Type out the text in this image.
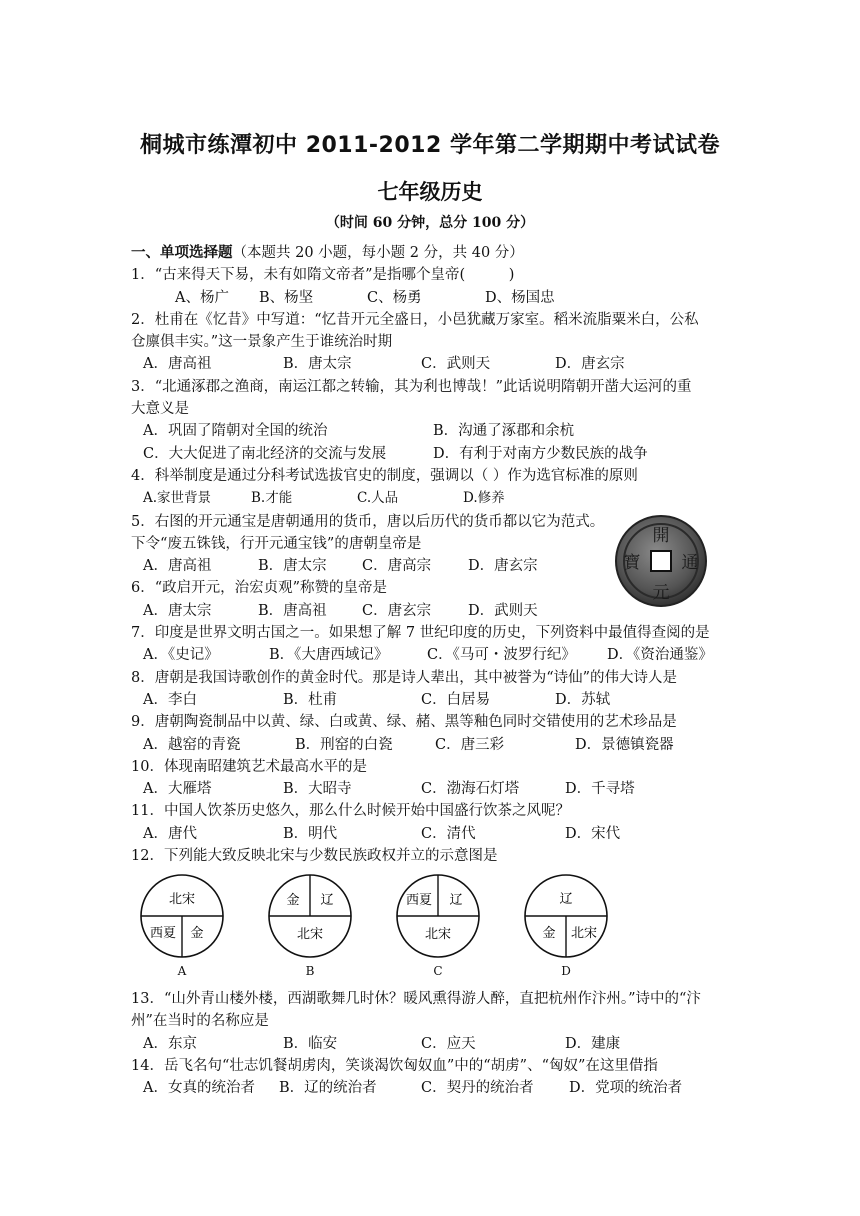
桐城市练潭初中 2011-2012 学年第二学期期中考试试卷
七年级历史
（时间 60 分钟，总分 100 分）
一、单项选择题（本题共 20 小题，每小题 2 分，共 40 分）
1．“古来得天下易，未有如隋文帝者”是指哪个皇帝(　　　)
A、杨广	B、杨坚	C、杨勇	D、杨国忠
2．杜甫在《忆昔》中写道：“忆昔开元全盛日，小邑犹藏万家室。稻米流脂粟米白，公私
仓廪俱丰实。”这一景象产生于谁统治时期
A．唐高祖	B．唐太宗	C．武则天	D．唐玄宗
3．“北通涿郡之渔商，南运江都之转输，其为利也博哉！”此话说明隋朝开凿大运河的重
大意义是
A．巩固了隋朝对全国的统治	B．沟通了涿郡和余杭
C．大大促进了南北经济的交流与发展	D．有利于对南方少数民族的战争
4．科举制度是通过分科考试选拔官史的制度，强调以（ ）作为选官标准的原则
A.家世背景	B.才能	C.人品	D.修养
5．右图的开元通宝是唐朝通用的货币，唐以后历代的货币都以它为范式。
下令“废五铢钱，行开元通宝钱”的唐朝皇帝是
A．唐高祖	B．唐太宗	C．唐高宗	D．唐玄宗
6．“政启开元，治宏贞观”称赞的皇帝是
A．唐太宗	B．唐高祖	C．唐玄宗	D．武则天
7．印度是世界文明古国之一。如果想了解 7 世纪印度的历史，下列资料中最值得查阅的是
A．《史记》	B．《大唐西域记》	C．《马可・波罗行纪》	D．《资治通鉴》
8．唐朝是我国诗歌创作的黄金时代。那是诗人辈出，其中被誉为“诗仙”的伟大诗人是
A．李白	B．杜甫	C．白居易	D．苏轼
9．唐朝陶瓷制品中以黄、绿、白或黄、绿、赭、黑等釉色同时交错使用的艺术珍品是
A．越窑的青瓷	B．刑窑的白瓷	C．唐三彩	D．景德镇瓷器
10．体现南昭建筑艺术最高水平的是
A．大雁塔	B．大昭寺	C．渤海石灯塔	D．千寻塔
11．中国人饮茶历史悠久，那么什么时候开始中国盛行饮茶之风呢？
A．唐代	B．明代	C．清代	D．宋代
12．下列能大致反映北宋与少数民族政权并立的示意图是
開
元
通
寶
北宋
西夏 金
A
金 辽
北宋
B
西夏 辽
北宋
C
辽
金 北宋
D
13．“山外青山楼外楼，西湖歌舞几时休？暖风熏得游人醉，直把杭州作汴州。”诗中的“汴
州”在当时的名称应是
A．东京	B．临安	C．应天	D．建康
14．岳飞名句“壮志饥餐胡虏肉，笑谈渴饮匈奴血”中的“胡虏”、“匈奴”在这里借指
A．女真的统治者	B．辽的统治者	C．契丹的统治者	D．党项的统治者
